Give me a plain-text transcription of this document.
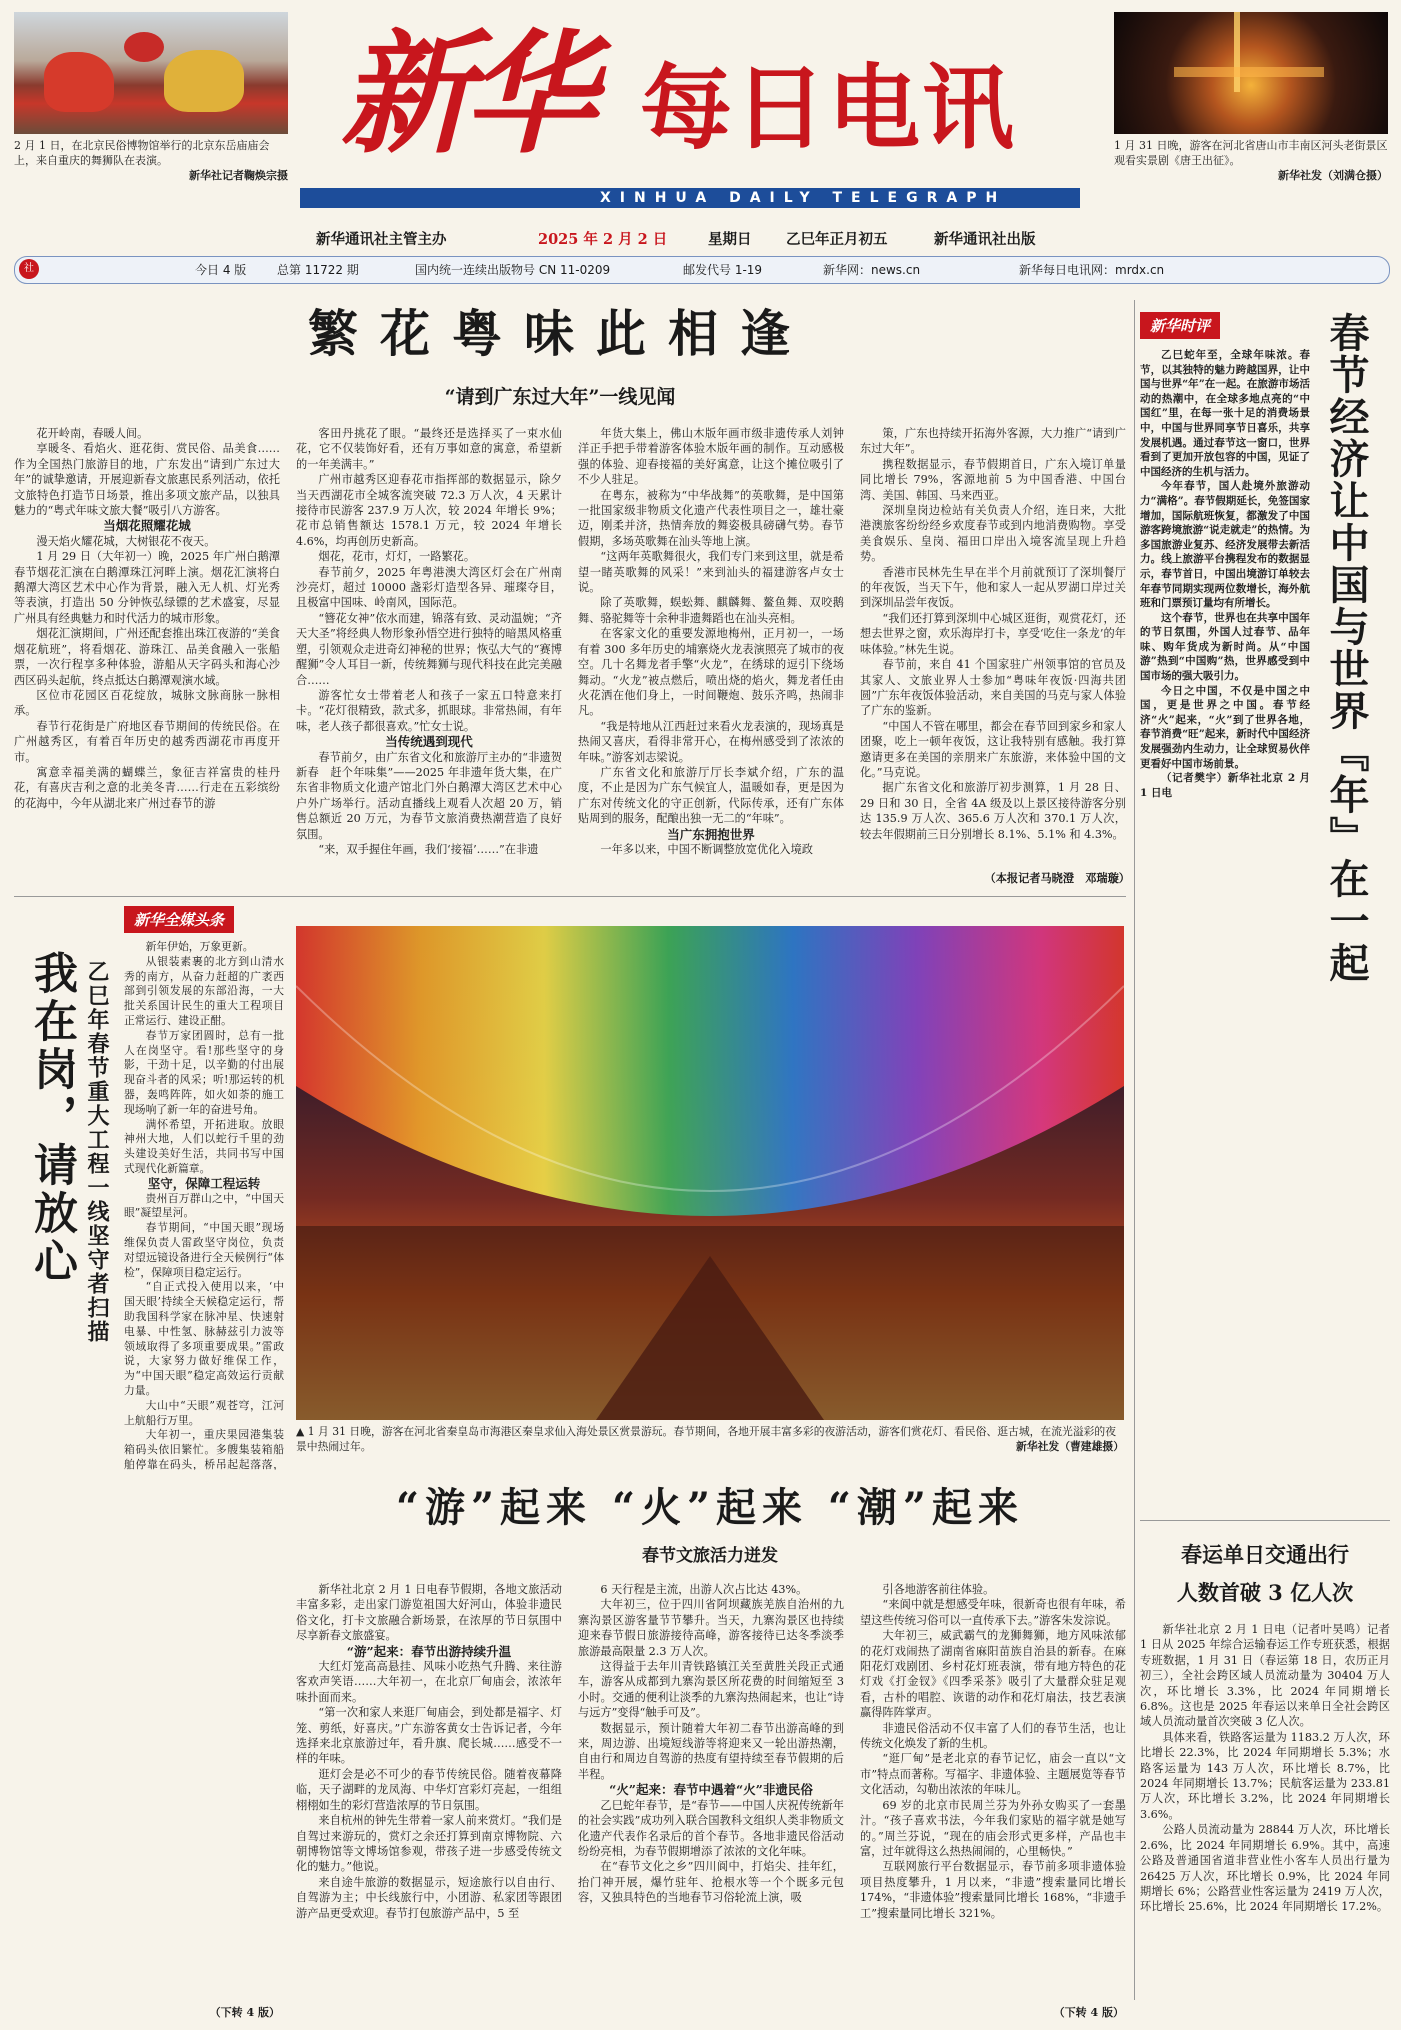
2 月 1 日，在北京民俗博物馆举行的北京东岳庙庙会上，来自重庆的舞狮队在表演。
新华社记者鞠焕宗摄
1 月 31 日晚，游客在河北省唐山市丰南区河头老街景区观看实景剧《唐王出征》。
新华社发（刘满仓摄）
新华 每日电讯
XINHUA DAILY TELEGRAPH
新华通讯社主管主办	2025 年 2 月 2 日	星期日 乙巳年正月初五	新华通讯社出版
社	今日 4 版	总第 11722 期	国内统一连续出版物号 CN 11-0209	邮发代号 1-19	新华网：news.cn	新华每日电讯网：mrdx.cn
繁花粤味此相逢
“请到广东过大年”一线见闻

花开岭南，春暖人间。

享暖冬、看焰火、逛花街、赏民俗、品美食……作为全国热门旅游目的地，广东发出“请到广东过大年”的诚挚邀请，开展迎新春文旅惠民系列活动，依托文旅特色打造节日场景，推出多项文旅产品，以独具魅力的“粤式年味文旅大餐”吸引八方游客。

当烟花照耀花城

漫天焰火耀花城，大树银花不夜天。

1 月 29 日（大年初一）晚，2025 年广州白鹅潭春节烟花汇演在白鹅潭珠江河畔上演。烟花汇演将白鹅潭大湾区艺术中心作为背景，融入无人机、灯光秀等表演，打造出 50 分钟恢弘绿镖的艺术盛宴，尽显广州具有经典魅力和时代活力的城市形象。

烟花汇演期间，广州还配套推出珠江夜游的“美食烟花航班”，将看烟花、游珠江、品美食融入一张船票，一次行程享多种体验，游船从天字码头和海心沙西区码头起航，终点抵达白鹅潭观演水域。

区位市花园区百花绽放，城脉文脉商脉一脉相承。

春节行花街是广府地区春节期间的传统民俗。在广州越秀区，有着百年历史的越秀西湖花市再度开市。

寓意幸福美满的蝴蝶兰，象征吉祥富贵的桂丹花，有喜庆吉利之意的北美冬青……行走在五彩缤纷的花海中，今年从湖北来广州过春节的游

客田丹挑花了眼。“最终还是选择买了一束水仙花，它不仅装饰好看，还有万事如意的寓意，希望新的一年美满丰。”

广州市越秀区迎春花市指挥部的数据显示，除夕当天西湖花市全城客流突破 72.3 万人次，4 天累计接待市民游客 237.9 万人次，较 2024 年增长 9%；花市总销售额达 1578.1 万元，较 2024 年增长 4.6%，均再创历史新高。

烟花，花市，灯灯，一路繁花。

春节前夕，2025 年粤港澳大湾区灯会在广州南沙亮灯，超过 10000 盏彩灯造型各异、璀璨夺目，且极富中国味、岭南风，国际范。

“簪花女神”依水而建，锦落有致、灵动温婉；“齐天大圣”将经典人物形象孙悟空进行独特的暗黑风格重塑，引领观众走进奇幻神秘的世界；恢弘大气的“赛博醒狮”令人耳目一新，传统舞狮与现代科技在此完美融合……

游客忙女士带着老人和孩子一家五口特意来打卡。“花灯很精致，款式多，抓眼球。非常热闹，有年味，老人孩子都很喜欢。”忙女士说。

当传统遇到现代

春节前夕，由广东省文化和旅游厅主办的“非遗贺新春　赶个年味集”——2025 年非遗年货大集，在广东省非物质文化遗产馆北门外白鹅潭大湾区艺术中心户外广场举行。活动直播线上观看人次超 20 万，销售总额近 20 万元，为春节文旅消费热潮营造了良好氛围。

“来，双手握住年画，我们‘接福’……”在非遗

年货大集上，佛山木版年画市级非遗传承人刘钟洋正手把手带着游客体验木版年画的制作。互动感极强的体验、迎春接福的美好寓意，让这个摊位吸引了不少人驻足。

在粤东，被称为“中华战舞”的英歌舞，是中国第一批国家级非物质文化遗产代表性项目之一，雄壮豪迈，刚柔并济，热情奔放的舞姿极具磅礴气势。春节假期，多场英歌舞在汕头等地上演。

“这两年英歌舞很火，我们专门来到这里，就是希望一睹英歌舞的风采！”来到汕头的福建游客卢女士说。

除了英歌舞，蜈蚣舞、麒麟舞、鳌鱼舞、双咬鹅舞、骆驼舞等十余种非遗舞蹈也在汕头亮相。

在客家文化的重要发源地梅州，正月初一，一场有着 300 多年历史的埔寨烧火龙表演照亮了城市的夜空。几十名舞龙者手擎“火龙”，在绣球的逗引下绕场舞动。“火龙”被点燃后，喷出烧的焰火，舞龙者任由火花洒在他们身上，一时间鞭炮、鼓乐齐鸣，热闹非凡。

“我是特地从江西赶过来看火龙表演的，现场真是热闹又喜庆，看得非常开心，在梅州感受到了浓浓的年味。”游客刘志梁说。

广东省文化和旅游厅厅长李斌介绍，广东的温度，不止是因为广东气候宜人，温暖如春，更是因为广东对传统文化的守正创新，代际传承，还有广东体贴周到的服务，配酿出独一无二的“年味”。

当广东拥抱世界

一年多以来，中国不断调整放宽优化入境政

策，广东也持续开拓海外客源，大力推广“请到广东过大年”。

携程数据显示，春节假期首日，广东入境订单量同比增长 79%，客源地前 5 为中国香港、中国台湾、美国、韩国、马来西亚。

深圳皇岗边检站有关负责人介绍，连日来，大批港澳旅客纷纷经乡欢度春节或到内地消费购物。享受美食娱乐、皇岗、福田口岸出入境客流呈现上升趋势。

香港市民林先生早在半个月前就预订了深圳餐厅的年夜饭，当天下午，他和家人一起从罗湖口岸过关到深圳品尝年夜饭。

“我们还打算到深圳中心城区逛街，观赏花灯，还想去世界之窗，欢乐海岸打卡，享受‘吃住一条龙’的年味体验。”林先生说。

春节前，来自 41 个国家驻广州领事馆的官员及其家人、文旅业界人士参加“粤味年夜饭·四海共团圆”广东年夜饭体验活动，来自美国的马克与家人体验了广东的鉴新。

“中国人不管在哪里，都会在春节回到家乡和家人团聚，吃上一顿年夜饭，这让我特别有感触。我打算邀请更多在美国的亲朋来广东旅游，来体验中国的文化。”马克说。

据广东省文化和旅游厅初步测算，1 月 28 日、29 日和 30 日，全省 4A 级及以上景区接待游客分别达 135.9 万人次、365.6 万人次和 370.1 万人次，较去年假期前三日分别增长 8.1%、5.1% 和 4.3%。

（本报记者马晓澄　邓瑞璇）
新华时评	春节经济让中国与世界『年』在一起

乙巳蛇年至，全球年味浓。春节，以其独特的魅力跨越国界，让中国与世界“年”在一起。在旅游市场活动的热潮中，在全球多地点亮的“中国红”里，在每一张十足的消费场景中，中国与世界同享节日喜乐，共享发展机遇。通过春节这一窗口，世界看到了更加开放包容的中国，见证了中国经济的生机与活力。

今年春节，国人赴境外旅游动力“满格”。春节假期延长，免签国家增加，国际航班恢复，都激发了中国游客跨境旅游“说走就走”的热情。为多国旅游业复苏、经济发展带去新活力。线上旅游平台携程发布的数据显示，春节首日，中国出境游订单较去年春节同期实现两位数增长，海外航班和门票预订量均有所增长。

这个春节，世界也在共享中国年的节日氛围，外国人过春节、品年味、购年货成为新时尚。从“中国游”热到“中国购”热，世界感受到中国市场的强大吸引力。

今日之中国，不仅是中国之中国，更是世界之中国。春节经济“火”起来，“火”到了世界各地，春节消费“旺”起来，新时代中国经济发展强劲内生动力，让全球贸易伙伴更看好中国市场前景。

（记者樊宇）新华社北京 2 月 1 日电

新华全媒头条
我在岗，请放心 乙巳年春节重大工程一线坚守者扫描

新年伊始，万象更新。

从银装素裹的北方到山清水秀的南方，从奋力赶超的广袤西部到引领发展的东部沿海，一大批关系国计民生的重大工程项目正常运行、建设正酣。

春节万家团圆时，总有一批人在岗坚守。看!那些坚守的身影，干劲十足，以辛勤的付出展现奋斗者的风采；听!那运转的机器，轰鸣阵阵，如火如荼的施工现场响了新一年的奋进号角。

满怀希望，开拓进取。放眼神州大地，人们以蛇行千里的劲头建设美好生活，共同书写中国式现代化新篇章。

坚守，保障工程运转

贵州百万群山之中，“中国天眼”凝望星河。

春节期间，“中国天眼”现场维保负责人雷政坚守岗位，负责对望远镜设备进行全天候例行“体检”，保障项目稳定运行。

“自正式投入使用以来，‘中国天眼’持续全天候稳定运行，帮助我国科学家在脉冲星、快速射电暴、中性氢、脉赫兹引力波等领域取得了多项重要成果。”雷政说，大家努力做好维保工作，为“中国天眼”稳定高效运行贡献力量。

大山中“天眼”观苍穹，江河上航船行万里。

大年初一，重庆果园港集装箱码头依旧繁忙。多艘集装箱船舶停靠在码头，桥吊起起落落，

（下转 4 版）
▲ 1 月 31 日晚，游客在河北省秦皇岛市海港区秦皇求仙入海处景区赏景游玩。春节期间，各地开展丰富多彩的夜游活动，游客们赏花灯、看民俗、逛古城，在流光溢彩的夜景中热闹过年。	新华社发（曹建雄摄）
“游”起来 “火”起来 “潮”起来
春节文旅活力迸发

新华社北京 2 月 1 日电春节假期，各地文旅活动丰富多彩，走出家门游览祖国大好河山，体验非遗民俗文化，打卡文旅融合新场景，在浓厚的节日氛围中尽享新春文旅盛宴。

“游”起来：春节出游持续升温

大红灯笼高高悬挂、风味小吃热气升腾、来往游客欢声笑语……大年初一，在北京厂甸庙会，浓浓年味扑面而来。

“第一次和家人来逛厂甸庙会，到处都是福字、灯笼、剪纸，好喜庆。”广东游客黄女士告诉记者，今年选择来北京旅游过年，看升旗、爬长城……感受不一样的年味。

逛灯会是必不可少的春节传统民俗。随着夜幕降临，天子湖畔的龙凤海、中华灯宫彩灯亮起，一组组栩栩如生的彩灯营造浓厚的节日氛围。

来自杭州的钟先生带着一家人前来赏灯。“我们是自驾过来游玩的，赏灯之余还打算到南京博物院、六朝博物馆等文博场馆参观，带孩子进一步感受传统文化的魅力。”他说。

来自途牛旅游的数据显示，短途旅行以自由行、自驾游为主；中长线旅行中，小团游、私家团等跟团游产品更受欢迎。春节打包旅游产品中，5 至

6 天行程是主流，出游人次占比达 43%。

大年初三，位于四川省阿坝藏族羌族自治州的九寨沟景区游客量节节攀升。当天，九寨沟景区也持续迎来春节假日旅游接待高峰，游客接待已达冬季淡季旅游最高限量 2.3 万人次。

这得益于去年川青铁路镇江关至黄胜关段正式通车，游客从成都到九寨沟景区所花费的时间缩短至 3 小时。交通的便利让淡季的九寨沟热闹起来，也让“诗与远方”变得“触手可及”。

数据显示，预计随着大年初二春节出游高峰的到来，周边游、出境短线游等将迎来又一轮出游热潮，自由行和周边自驾游的热度有望持续至春节假期的后半程。

“火”起来：春节中遇着“火”非遗民俗

乙巳蛇年春节，是“春节——中国人庆祝传统新年的社会实践”成功列入联合国教科文组织人类非物质文化遗产代表作名录后的首个春节。各地非遗民俗活动纷纷亮相，为春节假期增添了浓浓的文化年味。

在“春节文化之乡”四川阆中，打焰尖、挂年红，抬门神开展，爆竹驻年、抢根水等一个个既多元包容，又独具特色的当地春节习俗轮流上演，吸

引各地游客前往体验。

“来阆中就是想感受年味，很新奇也很有年味，希望这些传统习俗可以一直传承下去。”游客朱发淙说。

大年初三，威武霸气的龙狮舞狮，地方风味浓郁的花灯戏闹热了湖南省麻阳苗族自治县的新春。在麻阳花灯戏剧团、乡村花灯班表演，带有地方特色的花灯戏《打金钗》《四季采茶》吸引了大量群众驻足观看，古朴的唱腔、诙谐的动作和花灯扇法，技艺表演赢得阵阵掌声。

非遗民俗活动不仅丰富了人们的春节生活，也让传统文化焕发了新的生机。

“逛厂甸”是老北京的春节记忆，庙会一直以“文市”特点而著称。写福字、非遗体验、主题展览等春节文化活动，勾勒出浓浓的年味儿。

69 岁的北京市民周兰芬为外孙女购买了一套墨汁。“孩子喜欢书法，今年我们家贴的福字就是她写的。”周兰芬说，“现在的庙会形式更多样，产品也丰富，过年就得这么热热闹闹的，心里畅快。”

互联网旅行平台数据显示，春节前多项非遗体验项目热度攀升，1 月以来，“非遗”搜索量同比增长 174%，“非遗体验”搜索量同比增长 168%，“非遗手工”搜索量同比增长 321%。

（下转 4 版）
春运单日交通出行
人数首破 3 亿人次

新华社北京 2 月 1 日电（记者叶昊鸣）记者 1 日从 2025 年综合运输春运工作专班获悉，根据专班数据，1 月 31 日（春运第 18 日，农历正月初三），全社会跨区域人员流动量为 30404 万人次，环比增长 3.3%，比 2024 年同期增长 6.8%。这也是 2025 年春运以来单日全社会跨区域人员流动量首次突破 3 亿人次。

具体来看，铁路客运量为 1183.2 万人次，环比增长 22.3%，比 2024 年同期增长 5.3%；水路客运量为 143 万人次，环比增长 8.7%，比 2024 年同期增长 13.7%；民航客运量为 233.81 万人次，环比增长 3.2%，比 2024 年同期增长 3.6%。

公路人员流动量为 28844 万人次，环比增长 2.6%，比 2024 年同期增长 6.9%。其中，高速公路及普通国省道非营业性小客车人员出行量为 26425 万人次，环比增长 0.9%，比 2024 年同期增长 6%；公路营业性客运量为 2419 万人次，环比增长 25.6%，比 2024 年同期增长 17.2%。
